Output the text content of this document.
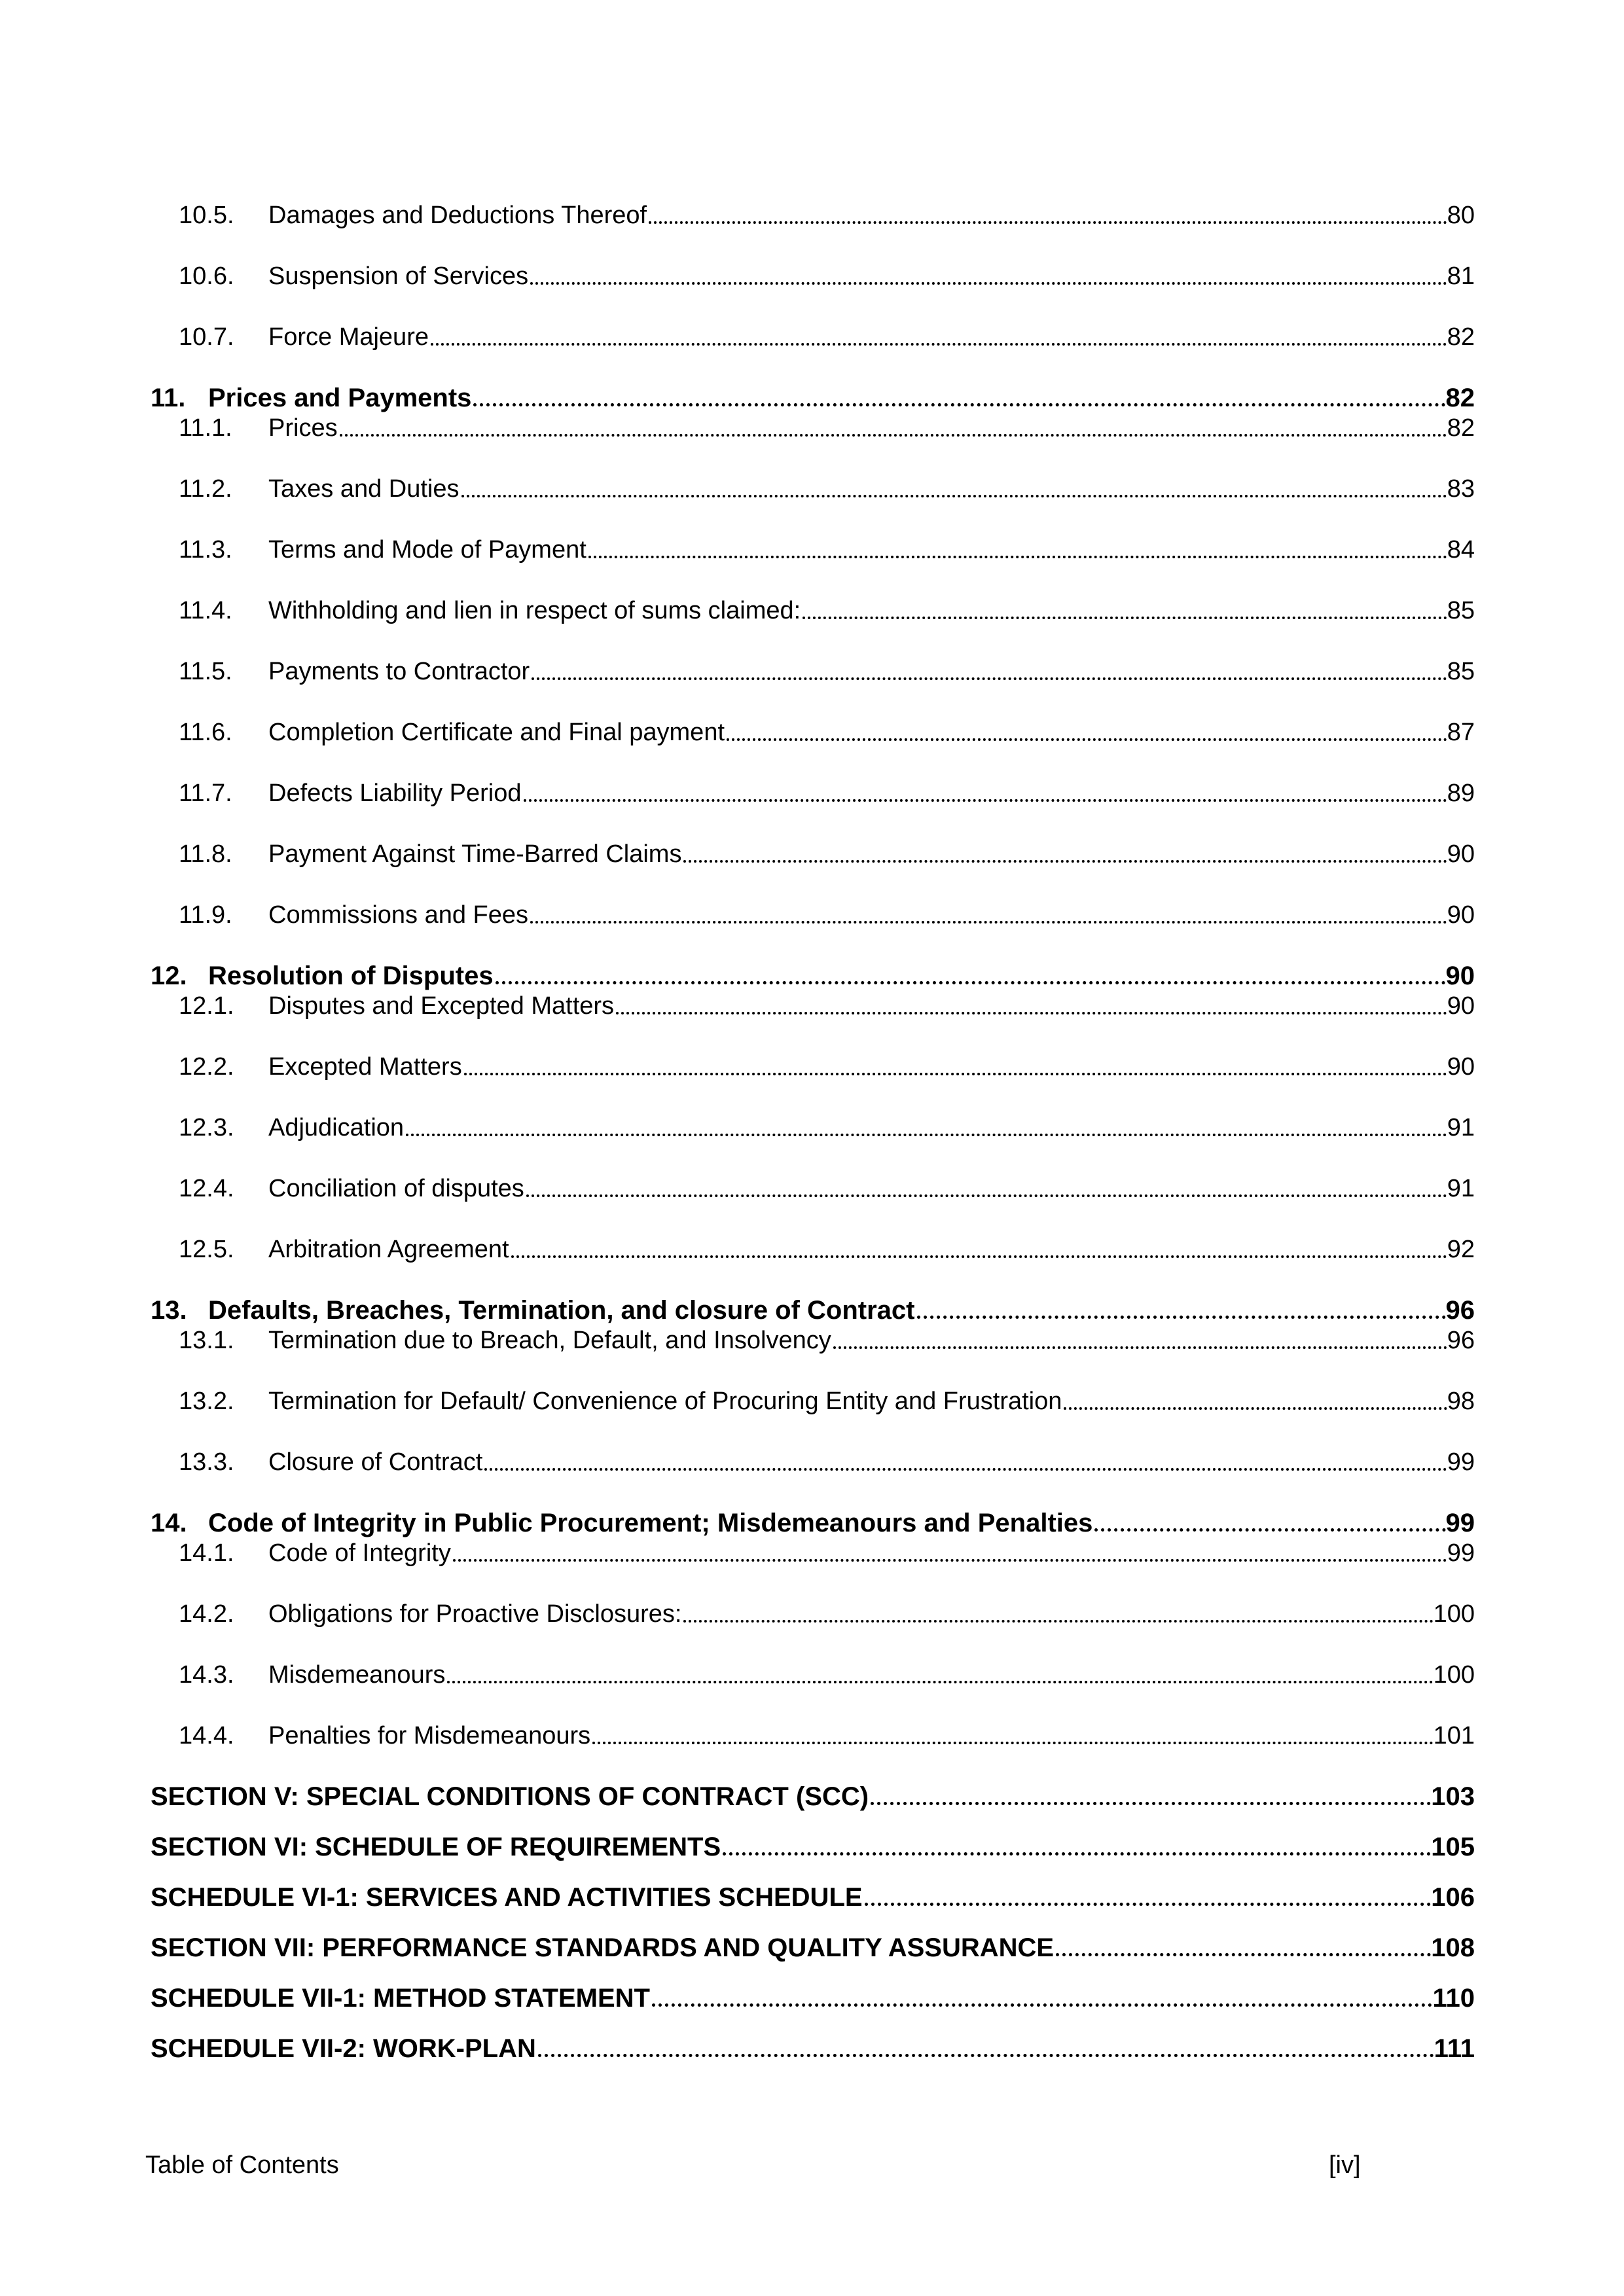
10.5.	Damages and Deductions Thereof	80
10.6.	Suspension of Services	81
10.7.	Force Majeure	82
11. Prices and Payments	82
11.1.	Prices	82
11.2.	Taxes and Duties	83
11.3.	Terms and Mode of Payment	84
11.4.	Withholding and lien in respect of sums claimed:	85
11.5.	Payments to Contractor	85
11.6.	Completion Certificate and Final payment	87
11.7.	Defects Liability Period	89
11.8.	Payment Against Time-Barred Claims	90
11.9.	Commissions and Fees	90
12. Resolution of Disputes	90
12.1.	Disputes and Excepted Matters	90
12.2.	Excepted Matters	90
12.3.	Adjudication	91
12.4.	Conciliation of disputes	91
12.5.	Arbitration Agreement	92
13. Defaults, Breaches, Termination, and closure of Contract	96
13.1.	Termination due to Breach, Default, and Insolvency	96
13.2.	Termination for Default/ Convenience of Procuring Entity and Frustration	98
13.3.	Closure of Contract	99
14. Code of Integrity in Public Procurement; Misdemeanours and Penalties	99
14.1.	Code of Integrity	99
14.2.	Obligations for Proactive Disclosures:	100
14.3.	Misdemeanours	100
14.4.	Penalties for Misdemeanours	101
SECTION V: SPECIAL CONDITIONS OF CONTRACT (SCC)	103
SECTION VI: SCHEDULE OF REQUIREMENTS	105
SCHEDULE VI-1: SERVICES AND ACTIVITIES SCHEDULE	106
SECTION VII: PERFORMANCE STANDARDS AND QUALITY ASSURANCE	108
SCHEDULE VII-1: METHOD STATEMENT	110
SCHEDULE VII-2: WORK-PLAN	111
Table of Contents	[iv]
